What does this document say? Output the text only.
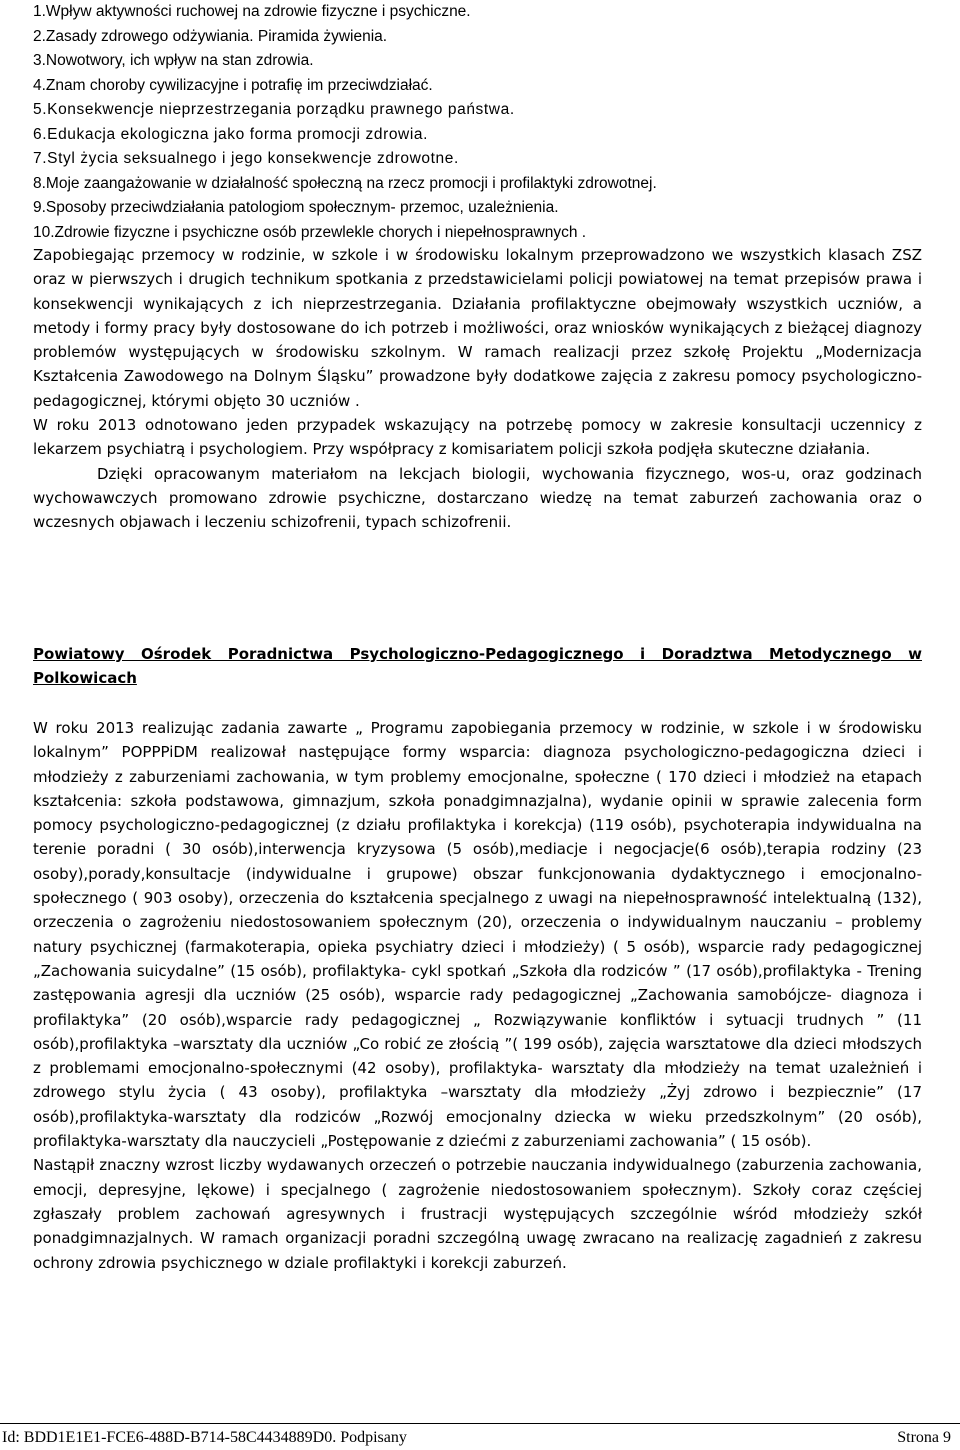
1.Wpływ aktywności ruchowej na zdrowie fizyczne i psychiczne.
2.Zasady zdrowego odżywiania. Piramida żywienia.
3.Nowotwory, ich wpływ na stan zdrowia.
4.Znam choroby cywilizacyjne i potrafię im przeciwdziałać.
5.Konsekwencje nieprzestrzegania porządku prawnego państwa.
6.Edukacja ekologiczna jako forma promocji zdrowia.
7.Styl życia seksualnego i jego konsekwencje zdrowotne.
8.Moje zaangażowanie w działalność społeczną na rzecz promocji i profilaktyki zdrowotnej.
9.Sposoby przeciwdziałania patologiom społecznym- przemoc, uzależnienia.
10.Zdrowie fizyczne i psychiczne osób przewlekle chorych i niepełnosprawnych .

Zapobiegając przemocy w rodzinie, w szkole i w środowisku lokalnym przeprowadzono we wszystkich klasach ZSZ oraz w pierwszych i drugich technikum spotkania z przedstawicielami policji powiatowej na temat przepisów prawa i konsekwencji wynikających z ich nieprzestrzegania. Działania profilaktyczne obejmowały wszystkich uczniów, a metody i formy pracy były dostosowane do ich potrzeb i możliwości, oraz wniosków wynikających z bieżącej diagnozy problemów występujących w środowisku szkolnym. W ramach realizacji przez szkołę Projektu „Modernizacja Kształcenia Zawodowego na Dolnym Śląsku” prowadzone były dodatkowe zajęcia z zakresu pomocy psychologiczno-pedagogicznej, którymi objęto 30 uczniów .

W roku 2013 odnotowano jeden przypadek wskazujący na potrzebę pomocy w zakresie konsultacji uczennicy z lekarzem psychiatrą i psychologiem. Przy współpracy z komisariatem policji szkoła podjęła skuteczne działania.

Dzięki opracowanym materiałom na lekcjach biologii, wychowania fizycznego, wos-u, oraz godzinach wychowawczych promowano zdrowie psychiczne, dostarczano wiedzę na temat zaburzeń zachowania oraz o wczesnych objawach i leczeniu schizofrenii, typach schizofrenii.

Powiatowy Ośrodek Poradnictwa Psychologiczno-Pedagogicznego i Doradztwa Metodycznego w Polkowicach

W roku 2013 realizując zadania zawarte „ Programu zapobiegania przemocy w rodzinie, w szkole i w środowisku lokalnym” POPPPiDM realizował następujące formy wsparcia: diagnoza psychologiczno-pedagogiczna dzieci i młodzieży z zaburzeniami zachowania, w tym problemy emocjonalne, społeczne ( 170 dzieci i młodzież na etapach kształcenia: szkoła podstawowa, gimnazjum, szkoła ponadgimnazjalna), wydanie opinii w sprawie zalecenia form pomocy psychologiczno-pedagogicznej (z działu profilaktyka i korekcja) (119 osób), psychoterapia indywidualna na terenie poradni ( 30 osób),interwencja kryzysowa (5 osób),mediacje i negocjacje(6 osób),terapia rodziny (23 osoby),porady,konsultacje (indywidualne i grupowe) obszar funkcjonowania dydaktycznego i emocjonalno-społecznego ( 903 osoby), orzeczenia do kształcenia specjalnego z uwagi na niepełnosprawność intelektualną (132), orzeczenia o zagrożeniu niedostosowaniem społecznym (20), orzeczenia o indywidualnym nauczaniu – problemy natury psychicznej (farmakoterapia, opieka psychiatry dzieci i młodzieży) ( 5 osób), wsparcie rady pedagogicznej „Zachowania suicydalne” (15 osób), profilaktyka- cykl spotkań „Szkoła dla rodziców ” (17 osób),profilaktyka - Trening zastępowania agresji dla uczniów (25 osób), wsparcie rady pedagogicznej „Zachowania samobójcze- diagnoza i profilaktyka” (20 osób),wsparcie rady pedagogicznej „ Rozwiązywanie konfliktów i sytuacji trudnych ” (11 osób),profilaktyka –warsztaty dla uczniów „Co robić ze złością ”( 199 osób), zajęcia warsztatowe dla dzieci młodszych z problemami emocjonalno-społecznymi (42 osoby), profilaktyka- warsztaty dla młodzieży na temat uzależnień i zdrowego stylu życia ( 43 osoby), profilaktyka –warsztaty dla młodzieży „Żyj zdrowo i bezpiecznie” (17 osób),profilaktyka-warsztaty dla rodziców „Rozwój emocjonalny dziecka w wieku przedszkolnym” (20 osób), profilaktyka-warsztaty dla nauczycieli „Postępowanie z dziećmi z zaburzeniami zachowania” ( 15 osób).

Nastąpił znaczny wzrost liczby wydawanych orzeczeń o potrzebie nauczania indywidualnego (zaburzenia zachowania, emocji, depresyjne, lękowe) i specjalnego ( zagrożenie niedostosowaniem społecznym). Szkoły coraz częściej zgłaszały problem zachowań agresywnych i frustracji występujących szczególnie wśród młodzieży szkół ponadgimnazjalnych. W ramach organizacji poradni szczególną uwagę zwracano na realizację zagadnień z zakresu ochrony zdrowia psychicznego w dziale profilaktyki i korekcji zaburzeń.

Id: BDD1E1E1-FCE6-488D-B714-58C4434889D0. Podpisany	Strona 9
